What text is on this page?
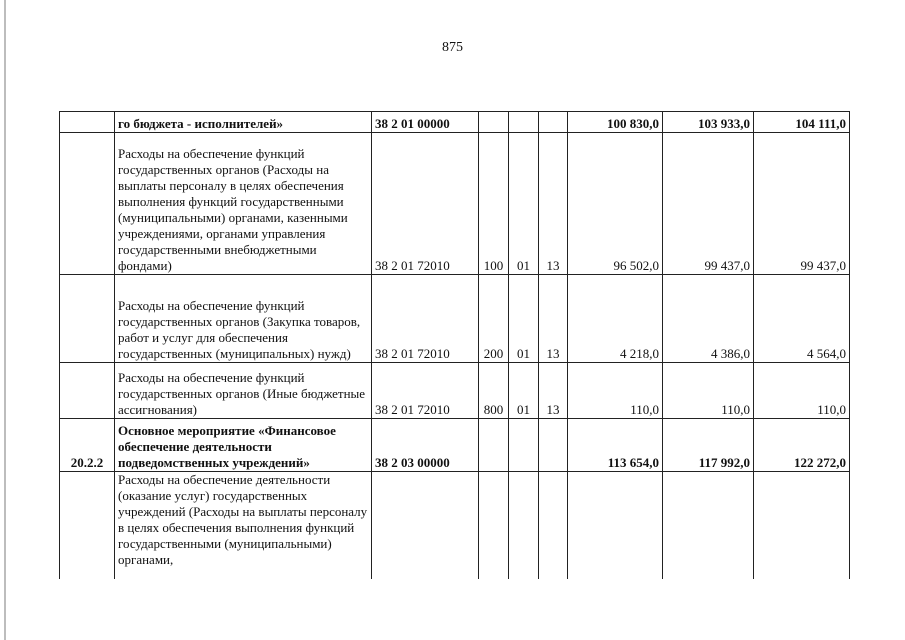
875
	го бюджета - исполнителей»	38 2 01 00000				100 830,0	103 933,0	104 111,0
	Расходы на обеспечение функций государственных органов (Расходы на выплаты персоналу в целях обеспечения выполнения функций государственными (муниципальными) органами, казенными учреждениями, органами управления государственными внебюджетными фондами)	38 2 01 72010	100	01	13	96 502,0	99 437,0	99 437,0
	Расходы на обеспечение функций государственных органов (Закупка товаров, работ и услуг для обеспечения государственных (муниципальных) нужд)	38 2 01 72010	200	01	13	4 218,0	4 386,0	4 564,0
	Расходы на обеспечение функций государственных органов (Иные бюджетные ассигнования)	38 2 01 72010	800	01	13	110,0	110,0	110,0
20.2.2	Основное мероприятие «Финансовое обеспечение деятельности подведомственных учреждений»	38 2 03 00000				113 654,0	117 992,0	122 272,0
	Расходы на обеспечение деятельности (оказание услуг) государственных учреждений (Расходы на выплаты персоналу в целях обеспечения выполнения функций государственными (муниципальными) органами,							
